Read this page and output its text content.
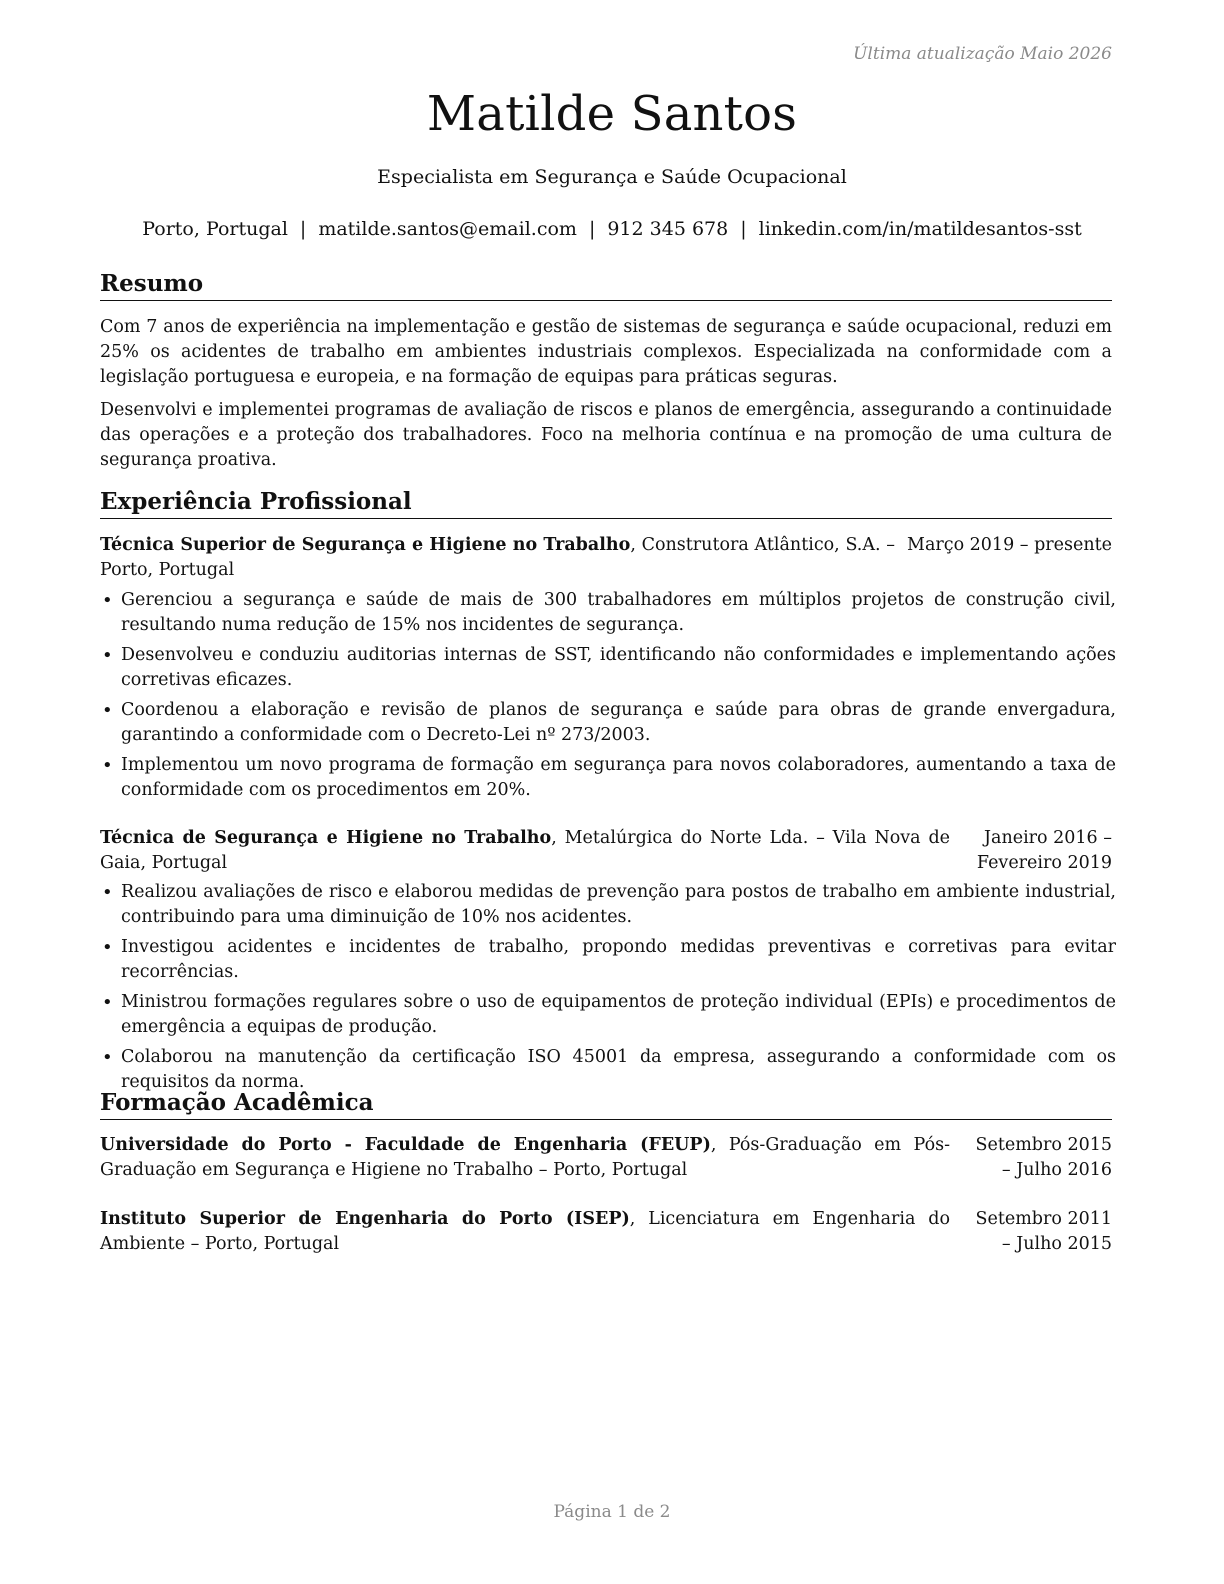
Última atualização Maio 2026
Matilde Santos
Especialista em Segurança e Saúde Ocupacional
Porto, Portugal | matilde.santos@email.com | 912 345 678 | linkedin.com/in/matildesantos-sst
Resumo

Com 7 anos de experiência na implementação e gestão de sistemas de segurança e saúde ocupacional, reduzi em 25% os acidentes de trabalho em ambientes industriais complexos. Especializada na conformidade com a legislação portuguesa e europeia, e na formação de equipas para práticas seguras.

Desenvolvi e implementei programas de avaliação de riscos e planos de emergência, assegurando a continuidade das operações e a proteção dos trabalhadores. Foco na melhoria contínua e na promoção de uma cultura de segurança proativa.

Experiência Profissional
Técnica Superior de Segurança e Higiene no Trabalho, Construtora Atlântico, S.A. – Porto, Portugal
Março 2019 – presente
• Gerenciou a segurança e saúde de mais de 300 trabalhadores em múltiplos projetos de construção civil, resultando numa redução de 15% nos incidentes de segurança.
• Desenvolveu e conduziu auditorias internas de SST, identificando não conformidades e implementando ações corretivas eficazes.
• Coordenou a elaboração e revisão de planos de segurança e saúde para obras de grande envergadura, garantindo a conformidade com o Decreto-Lei nº 273/2003.
• Implementou um novo programa de formação em segurança para novos colaboradores, aumentando a taxa de conformidade com os procedimentos em 20%.
Técnica de Segurança e Higiene no Trabalho, Metalúrgica do Norte Lda. – Vila Nova de Gaia, Portugal
Janeiro 2016 – Fevereiro 2019
• Realizou avaliações de risco e elaborou medidas de prevenção para postos de trabalho em ambiente industrial, contribuindo para uma diminuição de 10% nos acidentes.
• Investigou acidentes e incidentes de trabalho, propondo medidas preventivas e corretivas para evitar recorrências.
• Ministrou formações regulares sobre o uso de equipamentos de proteção individual (EPIs) e procedimentos de emergência a equipas de produção.
• Colaborou na manutenção da certificação ISO 45001 da empresa, assegurando a conformidade com os requisitos da norma.
Formação Acadêmica
Universidade do Porto - Faculdade de Engenharia (FEUP), Pós-Graduação em Pós-Graduação em Segurança e Higiene no Trabalho – Porto, Portugal
Setembro 2015 – Julho 2016
Instituto Superior de Engenharia do Porto (ISEP), Licenciatura em Engenharia do Ambiente – Porto, Portugal
Setembro 2011 – Julho 2015
Página 1 de 2
